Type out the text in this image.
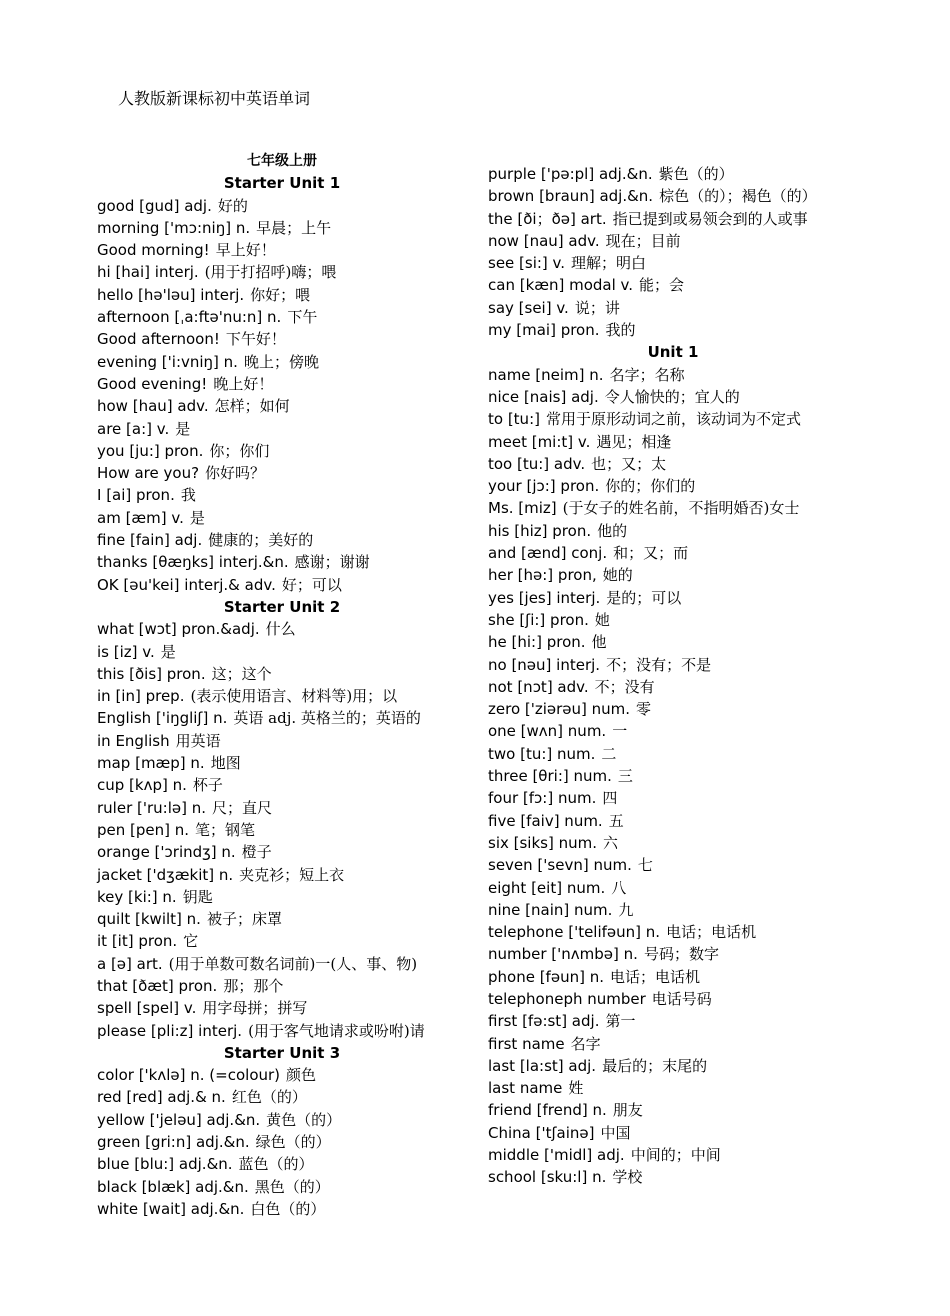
人教版新课标初中英语单词
七年级上册
Starter Unit 1
good [gud] adj. 好的
morning ['mɔ:niŋ] n. 早晨；上午
Good morning! 早上好！
hi [hai] interj. (用于打招呼)嗨；喂
hello [hə'ləu] interj. 你好；喂
afternoon [ˌa:ftə'nu:n] n. 下午
Good afternoon! 下午好！
evening ['i:vniŋ] n. 晚上；傍晚
Good evening! 晚上好！
how [hau] adv. 怎样；如何
are [a:] v. 是
you [ju:] pron. 你；你们
How are you? 你好吗？
I [ai] pron. 我
am [æm] v. 是
fine [fain] adj. 健康的；美好的
thanks [θæŋks] interj.&n. 感谢；谢谢
OK [əu'kei] interj.& adv. 好；可以
Starter Unit 2
what [wɔt] pron.&adj. 什么
is [iz] v. 是
this [ðis] pron. 这；这个
in [in] prep. (表示使用语言、材料等)用；以
English ['iŋgliʃ] n. 英语 adj. 英格兰的；英语的
in English 用英语
map [mæp] n. 地图
cup [kʌp] n. 杯子
ruler ['ru:lə] n. 尺；直尺
pen [pen] n. 笔；钢笔
orange ['ɔrindʒ] n. 橙子
jacket ['dʒækit] n. 夹克衫；短上衣
key [ki:] n. 钥匙
quilt [kwilt] n. 被子；床罩
it [it] pron. 它
a [ə] art. (用于单数可数名词前)一(人、事、物)
that [ðæt] pron. 那；那个
spell [spel] v. 用字母拼；拼写
please [pli:z] interj. (用于客气地请求或吩咐)请
Starter Unit 3
color ['kʌlə] n. (=colour) 颜色
red [red] adj.& n. 红色（的）
yellow ['jeləu] adj.&n. 黄色（的）
green [gri:n] adj.&n. 绿色（的）
blue [blu:] adj.&n. 蓝色（的）
black [blæk] adj.&n. 黑色（的）
white [wait] adj.&n. 白色（的）
purple ['pə:pl] adj.&n. 紫色（的）
brown [braun] adj.&n. 棕色（的）；褐色（的）
the [ði；ðə] art. 指已提到或易领会到的人或事
now [nau] adv. 现在；目前
see [si:] v. 理解；明白
can [kæn] modal v. 能；会
say [sei] v. 说；讲
my [mai] pron. 我的
Unit 1
name [neim] n. 名字；名称
nice [nais] adj. 令人愉快的；宜人的
to [tu:] 常用于原形动词之前，该动词为不定式
meet [mi:t] v. 遇见；相逢
too [tu:] adv. 也；又；太
your [jɔ:] pron. 你的；你们的
Ms. [miz] (于女子的姓名前，不指明婚否)女士
his [hiz] pron. 他的
and [ænd] conj. 和；又；而
her [hə:] pron, 她的
yes [jes] interj. 是的；可以
she [ʃi:] pron. 她
he [hi:] pron. 他
no [nəu] interj. 不；没有；不是
not [nɔt] adv. 不；没有
zero ['ziərəu] num. 零
one [wʌn] num. 一
two [tu:] num. 二
three [θri:] num. 三
four [fɔ:] num. 四
five [faiv] num. 五
six [siks] num. 六
seven ['sevn] num. 七
eight [eit] num. 八
nine [nain] num. 九
telephone ['telifəun] n. 电话；电话机
number ['nʌmbə] n. 号码；数字
phone [fəun] n. 电话；电话机
telephoneph number 电话号码
first [fə:st] adj. 第一
first name 名字
last [la:st] adj. 最后的；末尾的
last name 姓
friend [frend] n. 朋友
China ['tʃainə] 中国
middle ['midl] adj. 中间的；中间
school [sku:l] n. 学校
